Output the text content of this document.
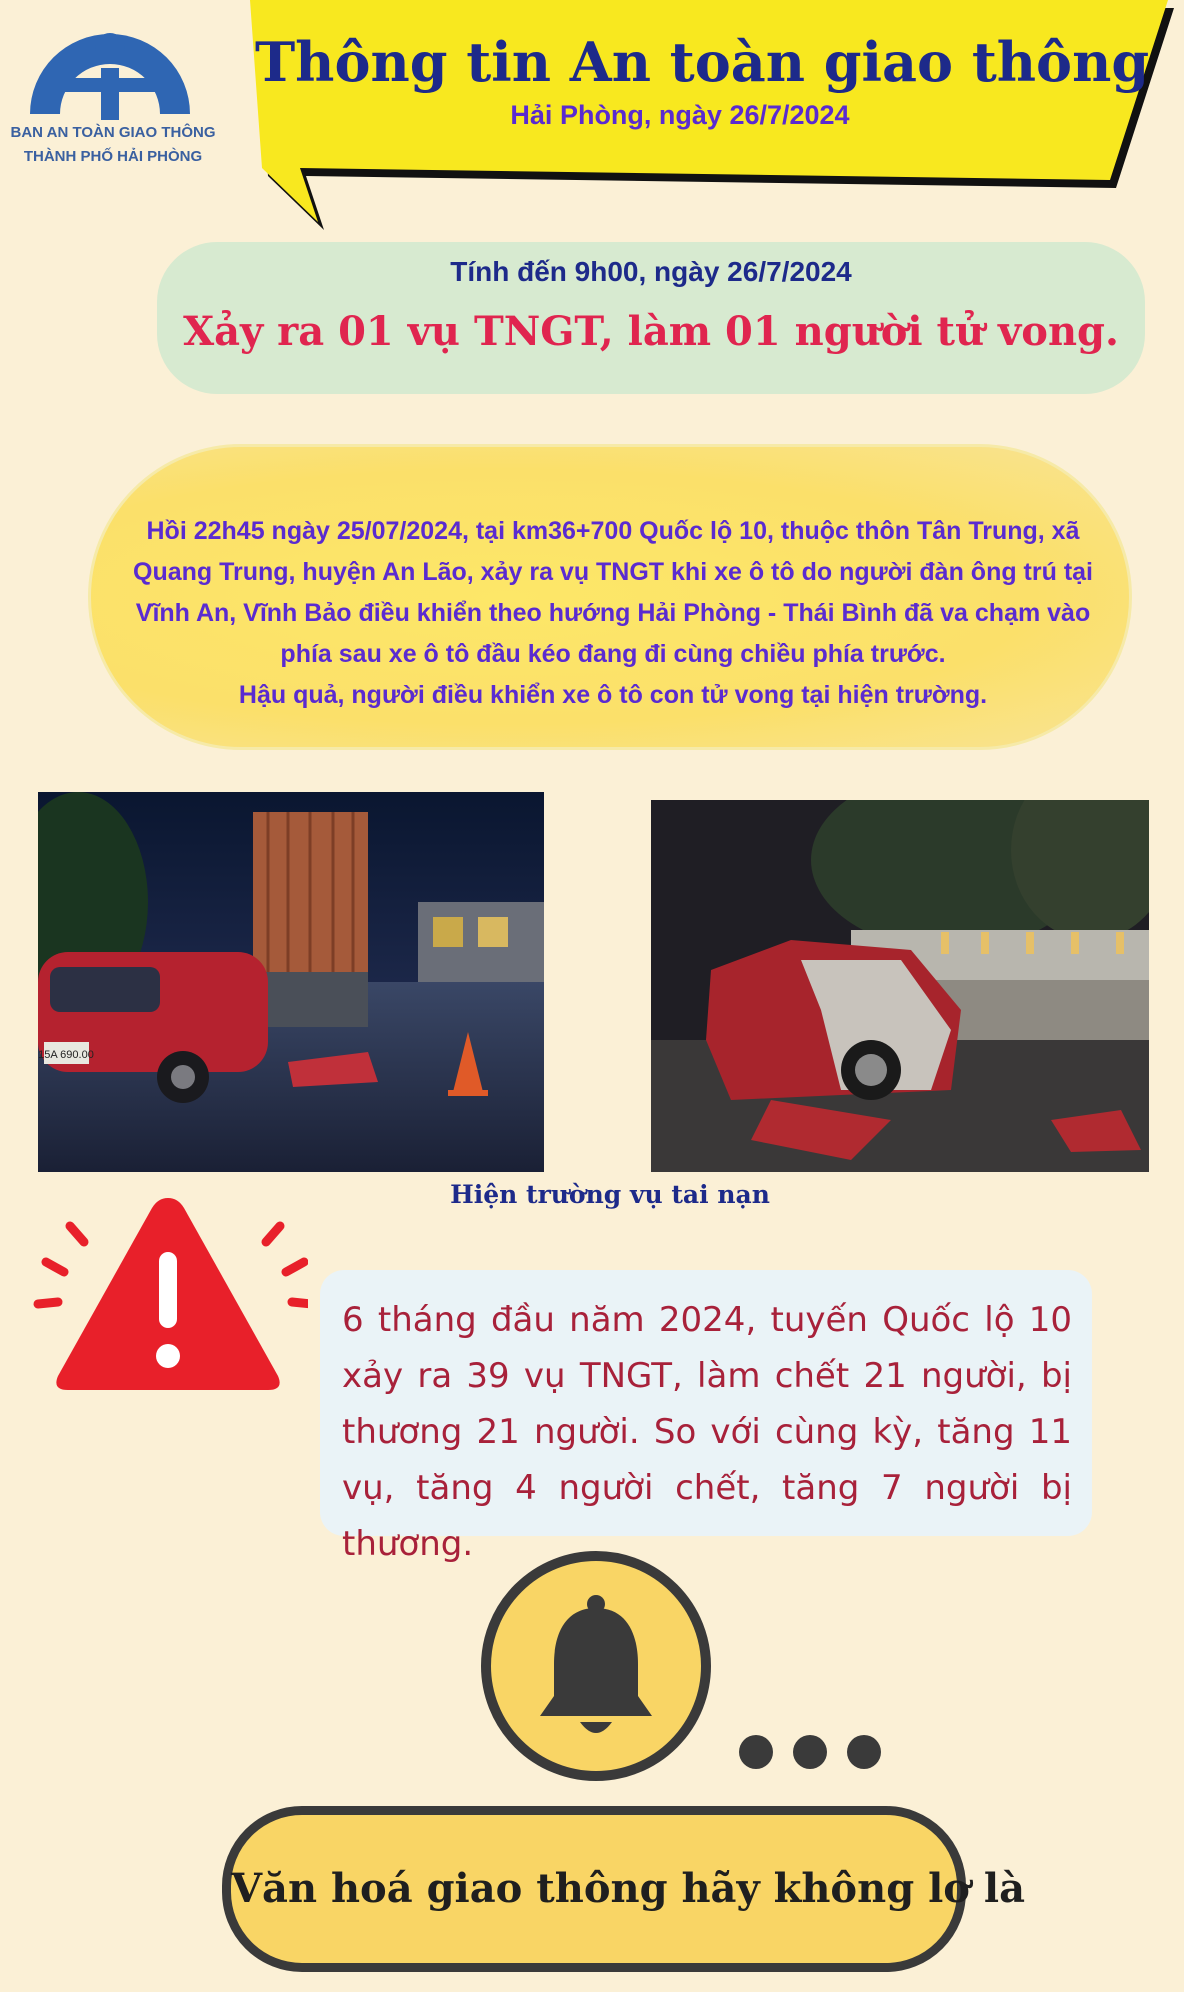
BAN AN TOÀN GIAO THÔNG
THÀNH PHỐ HẢI PHÒNG
Thông tin An toàn giao thông
Hải Phòng, ngày 26/7/2024
Tính đến 9h00, ngày 26/7/2024
Xảy ra 01 vụ TNGT, làm 01 người tử vong.
Hồi 22h45 ngày 25/07/2024, tại km36+700 Quốc lộ 10, thuộc thôn Tân Trung, xã Quang Trung, huyện An Lão, xảy ra vụ TNGT khi xe ô tô do người đàn ông trú tại Vĩnh An, Vĩnh Bảo điều khiển theo hướng Hải Phòng - Thái Bình đã va chạm vào phía sau xe ô tô đầu kéo đang đi cùng chiều phía trước.
Hậu quả, người điều khiển xe ô tô con tử vong tại hiện trường.
15A 690.00
Hiện trường vụ tai nạn
6 tháng đầu năm 2024, tuyến Quốc lộ 10 xảy ra 39 vụ TNGT, làm chết 21 người, bị thương 21 người. So với cùng kỳ, tăng 11 vụ, tăng 4 người chết, tăng 7 người bị thương.
Văn hoá giao thông hãy không lơ là
